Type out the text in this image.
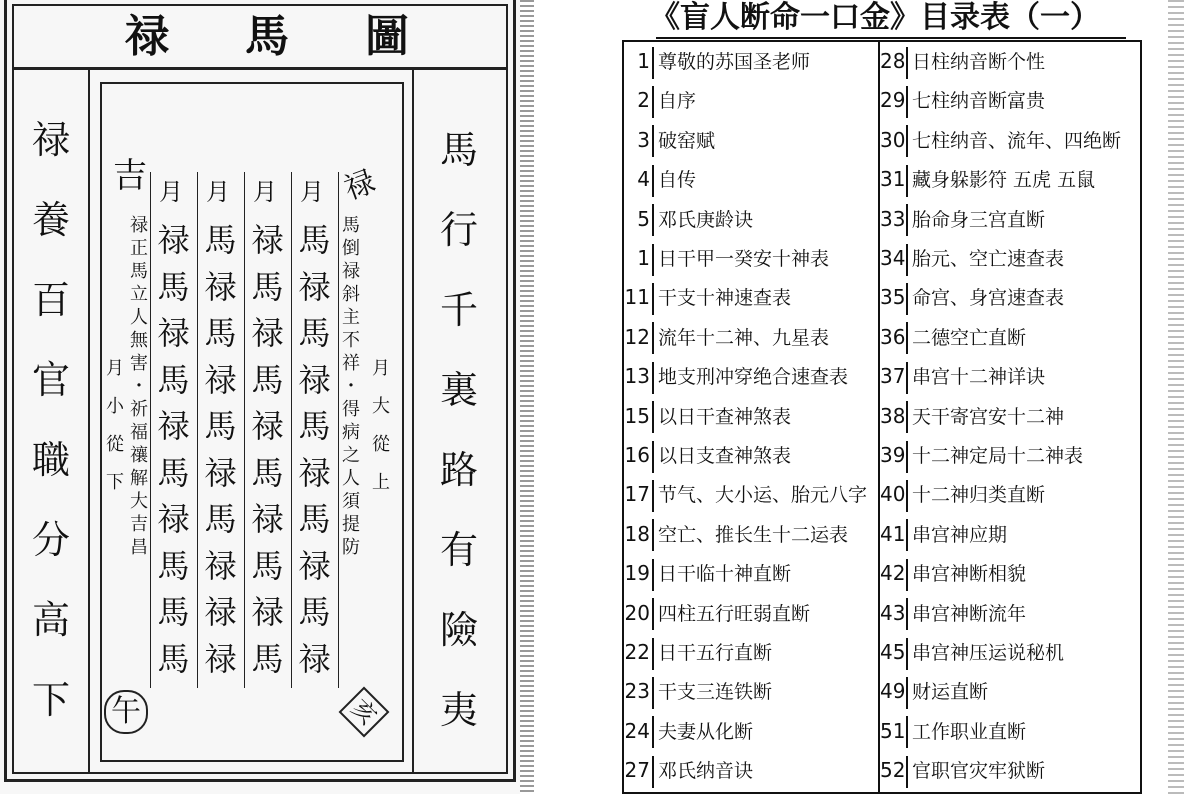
禄 馬 圖
禄
養
百
官
職
分
高
下
馬
行
千
裏
路
有
險
夷
吉 月 月 月 月 禄
禄 馬 禄 馬
馬 禄 馬 禄
禄 馬 禄 馬
馬 禄 馬 禄
禄 馬 禄 馬
馬 禄 馬 禄
禄 馬 禄 馬
馬 禄 馬 禄
馬 禄 禄 馬
馬 禄 馬 禄
禄
正
馬
立
人
無
害
・
祈
福
禳
解
大
吉
昌
月
小
從
下
馬
倒
禄
斜
主
不
祥
・
得
病
之
人
須
提
防
月
大
從
上
午	亥
《盲人断命一口金》目录表（一）
1 尊敬的苏国圣老师
2 自序
3 破窑赋
4 自传
5 邓氏庚龄诀
1 日干甲一癸安十神表
11 干支十神速查表
12 流年十二神、九星表
13 地支刑冲穿绝合速查表
15 以日干查神煞表
16 以日支查神煞表
17 节气、大小运、胎元八字
18 空亡、推长生十二运表
19 日干临十神直断
20 四柱五行旺弱直断
22 日干五行直断
23 干支三连铁断
24 夫妻从化断
27 邓氏纳音诀
28 日柱纳音断个性
29 七柱纳音断富贵
30 七柱纳音、流年、四绝断
31 藏身躲影符 五虎 五鼠
33 胎命身三宫直断
34 胎元、空亡速查表
35 命宫、身宫速查表
36 二德空亡直断
37 串宫十二神详诀
38 天干寄宫安十二神
39 十二神定局十二神表
40 十二神归类直断
41 串宫神应期
42 串宫神断相貌
43 串宫神断流年
45 串宫神压运说秘机
49 财运直断
51 工作职业直断
52 官职官灾牢狱断
